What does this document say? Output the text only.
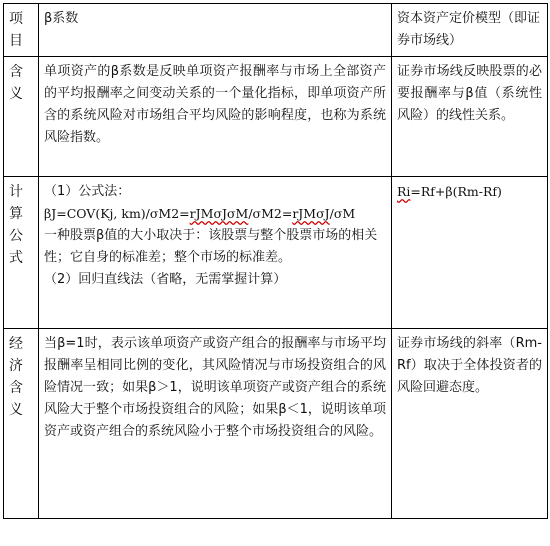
项目	β系数	资本资产定价模型（即证券市场线）

含义	单项资产的β系数是反映单项资产报酬率与市场上全部资产的平均报酬率之间变动关系的一个量化指标，即单项资产所含的系统风险对市场组合平均风险的影响程度，也称为系统风险指数。	证券市场线反映股票的必要报酬率与β值（系统性风险）的线性关系。

计算公式	（1）公式法：
βJ=COV(Kj, km)/σM2=rJMσJσM/σM2=rJMσJ/σM
一种股票β值的大小取决于：该股票与整个股票市场的相关性；它自身的标准差；整个市场的标准差。
（2）回归直线法（省略，无需掌握计算）	Ri=Rf+β(Rm-Rf)

经济含义	当β=1时，表示该单项资产或资产组合的报酬率与市场平均报酬率呈相同比例的变化，其风险情况与市场投资组合的风险情况一致；如果β＞1，说明该单项资产或资产组合的系统风险大于整个市场投资组合的风险；如果β＜1，说明该单项资产或资产组合的系统风险小于整个市场投资组合的风险。	证券市场线的斜率（Rm-Rf）取决于全体投资者的风险回避态度。
